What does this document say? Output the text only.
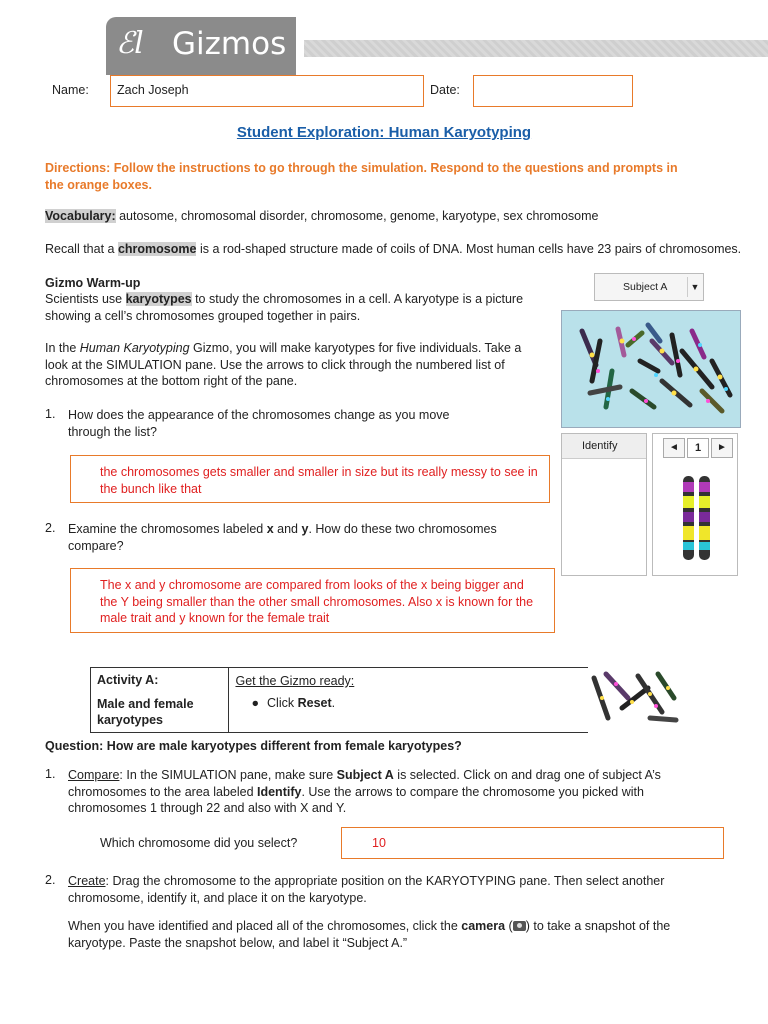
ℰl Gizmos
Name:	Zach Joseph	Date:
Student Exploration: Human Karyotyping
Directions: Follow the instructions to go through the simulation. Respond to the questions and prompts in the orange boxes.
Vocabulary: autosome, chromosomal disorder, chromosome, genome, karyotype, sex chromosome
Recall that a chromosome is a rod-shaped structure made of coils of DNA. Most human cells have 23 pairs of chromosomes.
Gizmo Warm-up
Scientists use karyotypes to study the chromosomes in a cell. A karyotype is a picture showing a cell’s chromosomes grouped together in pairs.
In the Human Karyotyping Gizmo, you will make karyotypes for five individuals. Take a look at the SIMULATION pane. Use the arrows to click through the numbered list of chromosomes at the bottom right of the pane.
1. How does the appearance of the chromosomes change as you move through the list?
the chromosomes gets smaller and smaller in size but its really messy to see in the bunch like that
2. Examine the chromosomes labeled x and y. How do these two chromosomes compare?
The x and y chromosome are compared from looks of the x being bigger and the Y being smaller than the other small chromosomes. Also x is known for the male trait and y known for the female trait
Subject A	▼
Identify	◄	1	►
Activity A:
Male and female karyotypes

Get the Gizmo ready:
● Click Reset.

Question: How are male karyotypes different from female karyotypes?
1. Compare: In the SIMULATION pane, make sure Subject A is selected. Click on and drag one of subject A’s chromosomes to the area labeled Identify. Use the arrows to compare the chromosome you picked with chromosomes 1 through 22 and also with X and Y.
Which chromosome did you select?	10
2. Create: Drag the chromosome to the appropriate position on the KARYOTYPING pane. Then select another chromosome, identify it, and place it on the karyotype.
When you have identified and placed all of the chromosomes, click the camera ( ) to take a snapshot of the karyotype. Paste the snapshot below, and label it “Subject A.”
